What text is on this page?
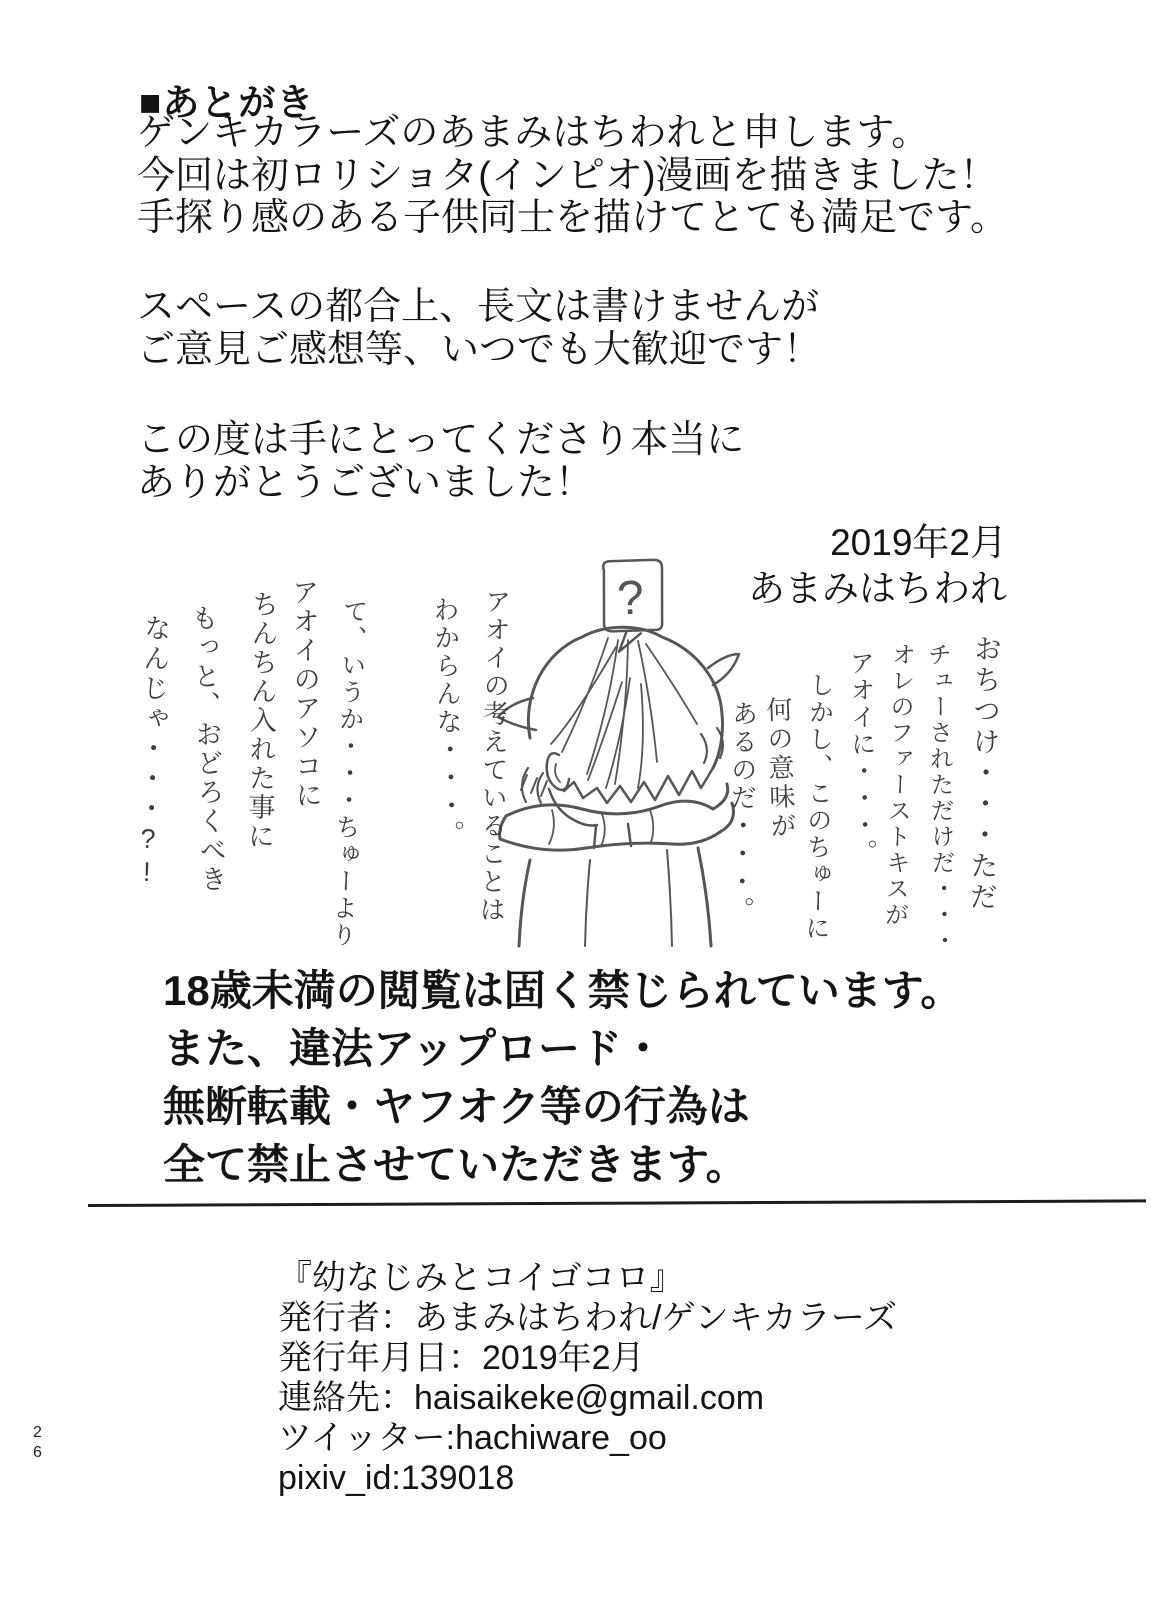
■あとがき
ゲンキカラーズのあまみはちわれと申します。
今回は初ロリショタ(インピオ)漫画を描きました！
手探り感のある子供同士を描けてとても満足です。
スペースの都合上、長文は書けませんが
ご意見ご感想等、いつでも大歓迎です！
この度は手にとってくださり本当に
ありがとうございました！
2019年2月
あまみはちわれ
?
て、いうか・・・ちゅーより
アオイのアソコに
ちんちん入れた事に
もっと、おどろくべき
なんじゃ・・・?!	アオイの考えていることは
わからんな・・・。	おちつけ・・・ただ
チューされただけだ・・・
オレのファーストキスが
アオイに・・・。
しかし、このちゅーに
何の意味が
あるのだ・・・。
18歳未満の閲覧は固く禁じられています。
また、違法アップロード・
無断転載・ヤフオク等の行為は
全て禁止させていただきます。
『幼なじみとコイゴコロ』
発行者：あまみはちわれ/ゲンキカラーズ
発行年月日：2019年2月
連絡先：haisaikeke@gmail.com
ツイッター:hachiware_oo
pixiv_id:139018
26
